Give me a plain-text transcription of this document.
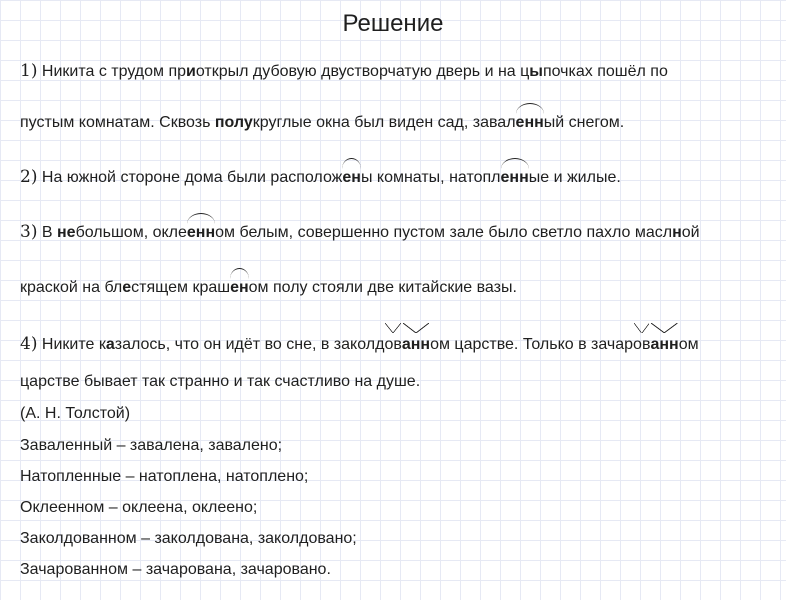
Решение
1) Никита с трудом приоткрыл дубовую двустворчатую дверь и на цыпочках пошёл по
пустым комнатам. Сквозь полукруглые окна был виден сад, заваленный снегом.
2) На южной стороне дома были расположены комнаты, натопленные и жилые.
3) В небольшом, оклеенном белым, совершенно пустом зале было светло пахло маслной
краской на блестящем крашеном полу стояли две китайские вазы.
4) Никите казалось, что он идёт во сне, в заколдованном царстве. Только в зачарованном
царстве бывает так странно и так счастливо на душе.
(А. Н. Толстой)
Заваленный – завалена, завалено;
Натопленные – натоплена, натоплено;
Оклеенном – оклеена, оклеено;
Заколдованном – заколдована, заколдовано;
Зачарованном – зачарована, зачаровано.
